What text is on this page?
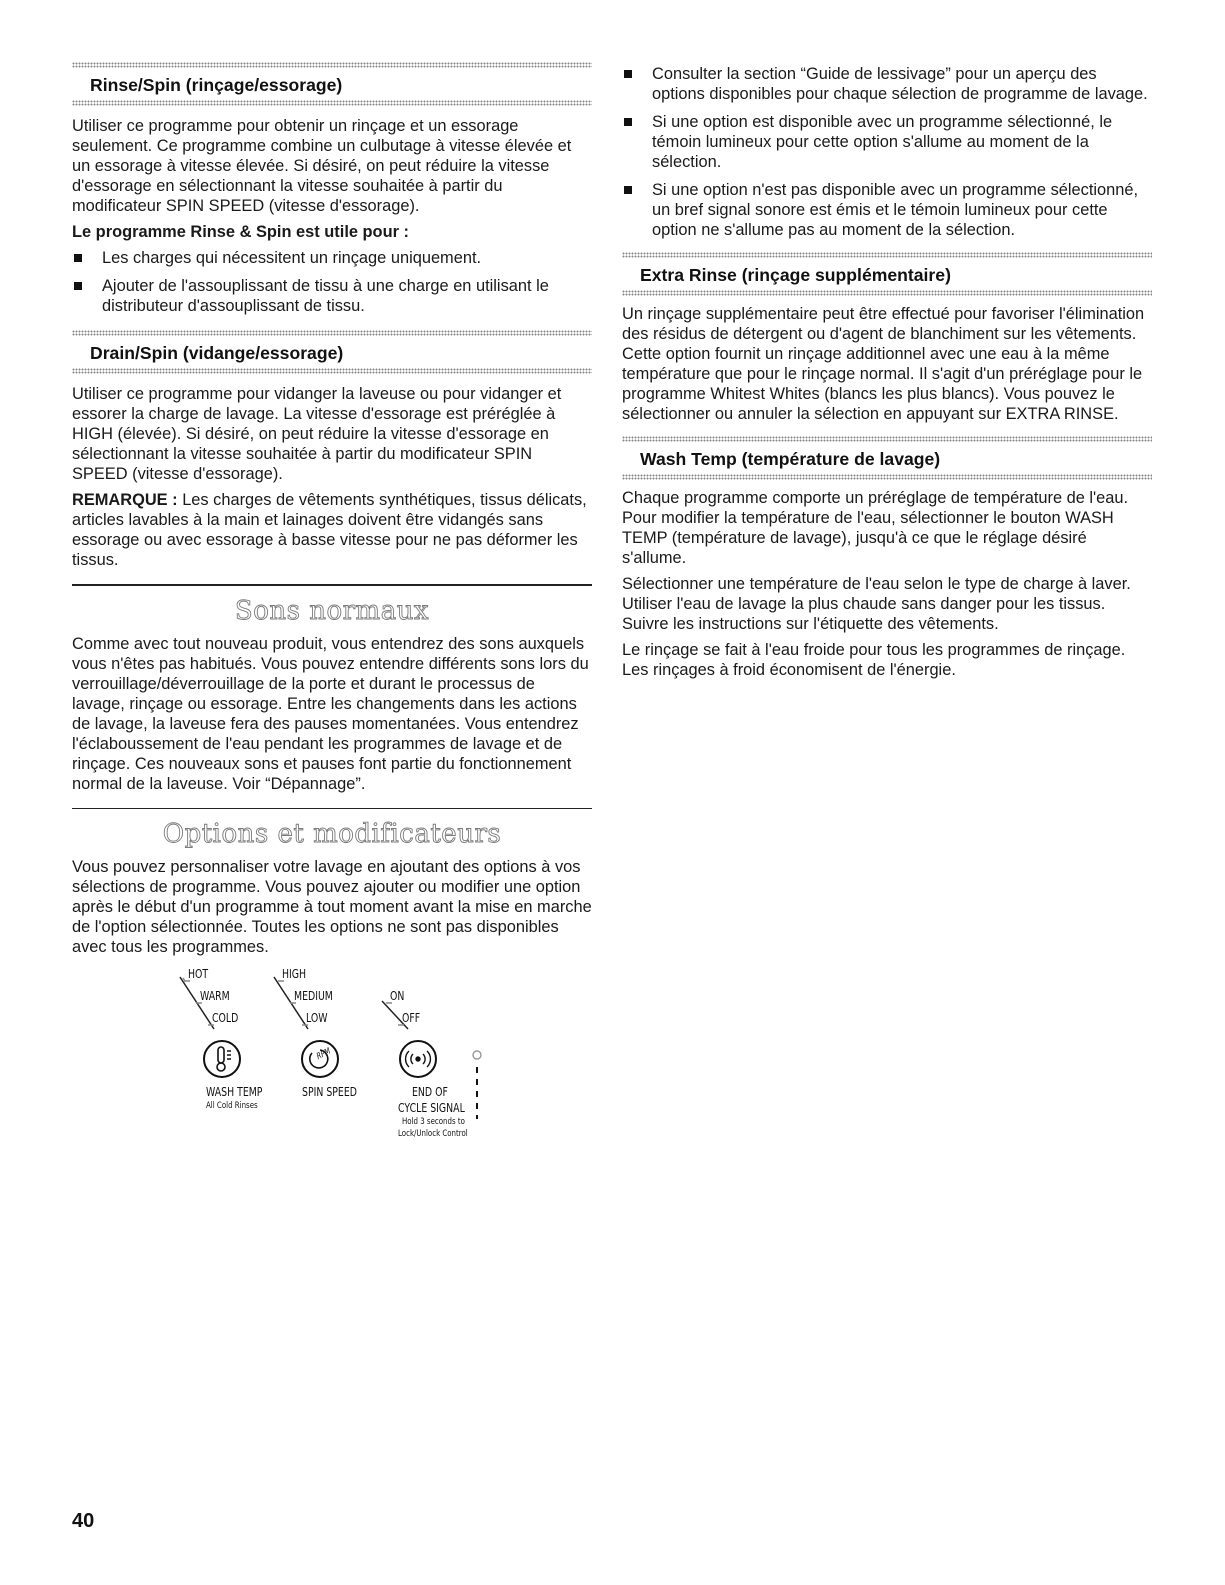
Rinse/Spin (rinçage/essorage)

Utiliser ce programme pour obtenir un rinçage et un essorage seulement. Ce programme combine un culbutage à vitesse élevée et un essorage à vitesse élevée. Si désiré, on peut réduire la vitesse d'essorage en sélectionnant la vitesse souhaitée à partir du modificateur SPIN SPEED (vitesse d'essorage).

Le programme Rinse & Spin est utile pour :
Les charges qui nécessitent un rinçage uniquement.
Ajouter de l'assouplissant de tissu à une charge en utilisant le distributeur d'assouplissant de tissu.
Drain/Spin (vidange/essorage)

Utiliser ce programme pour vidanger la laveuse ou pour vidanger et essorer la charge de lavage. La vitesse d'essorage est préréglée à HIGH (élevée). Si désiré, on peut réduire la vitesse d'essorage en sélectionnant la vitesse souhaitée à partir du modificateur SPIN SPEED (vitesse d'essorage).

REMARQUE : Les charges de vêtements synthétiques, tissus délicats, articles lavables à la main et lainages doivent être vidangés sans essorage ou avec essorage à basse vitesse pour ne pas déformer les tissus.

Sons normaux

Comme avec tout nouveau produit, vous entendrez des sons auxquels vous n'êtes pas habitués. Vous pouvez entendre différents sons lors du verrouillage/déverrouillage de la porte et durant le processus de lavage, rinçage ou essorage. Entre les changements dans les actions de lavage, la laveuse fera des pauses momentanées. Vous entendrez l'éclaboussement de l'eau pendant les programmes de lavage et de rinçage. Ces nouveaux sons et pauses font partie du fonctionnement normal de la laveuse. Voir “Dépannage”.

Options et modificateurs

Vous pouvez personnaliser votre lavage en ajoutant des options à vos sélections de programme. Vous pouvez ajouter ou modifier une option après le début d'un programme à tout moment avant la mise en marche de l'option sélectionnée. Toutes les options ne sont pas disponibles avec tous les programmes.

HOT
WARM
COLD
HIGH
MEDIUM
LOW
RPM
ON
OFF
WASH TEMP
All Cold Rinses
SPIN SPEED	END OF
CYCLE SIGNAL
Hold 3 seconds to
Lock/Unlock Control
Consulter la section “Guide de lessivage” pour un aperçu des options disponibles pour chaque sélection de programme de lavage.
Si une option est disponible avec un programme sélectionné, le témoin lumineux pour cette option s'allume au moment de la sélection.
Si une option n'est pas disponible avec un programme sélectionné, un bref signal sonore est émis et le témoin lumineux pour cette option ne s'allume pas au moment de la sélection.
Extra Rinse (rinçage supplémentaire)

Un rinçage supplémentaire peut être effectué pour favoriser l'élimination des résidus de détergent ou d'agent de blanchiment sur les vêtements. Cette option fournit un rinçage additionnel avec une eau à la même température que pour le rinçage normal. Il s'agit d'un préréglage pour le programme Whitest Whites (blancs les plus blancs). Vous pouvez le sélectionner ou annuler la sélection en appuyant sur EXTRA RINSE.

Wash Temp (température de lavage)

Chaque programme comporte un préréglage de température de l'eau. Pour modifier la température de l'eau, sélectionner le bouton WASH TEMP (température de lavage), jusqu'à ce que le réglage désiré s'allume.

Sélectionner une température de l'eau selon le type de charge à laver. Utiliser l'eau de lavage la plus chaude sans danger pour les tissus. Suivre les instructions sur l'étiquette des vêtements.

Le rinçage se fait à l'eau froide pour tous les programmes de rinçage. Les rinçages à froid économisent de l'énergie.

40
